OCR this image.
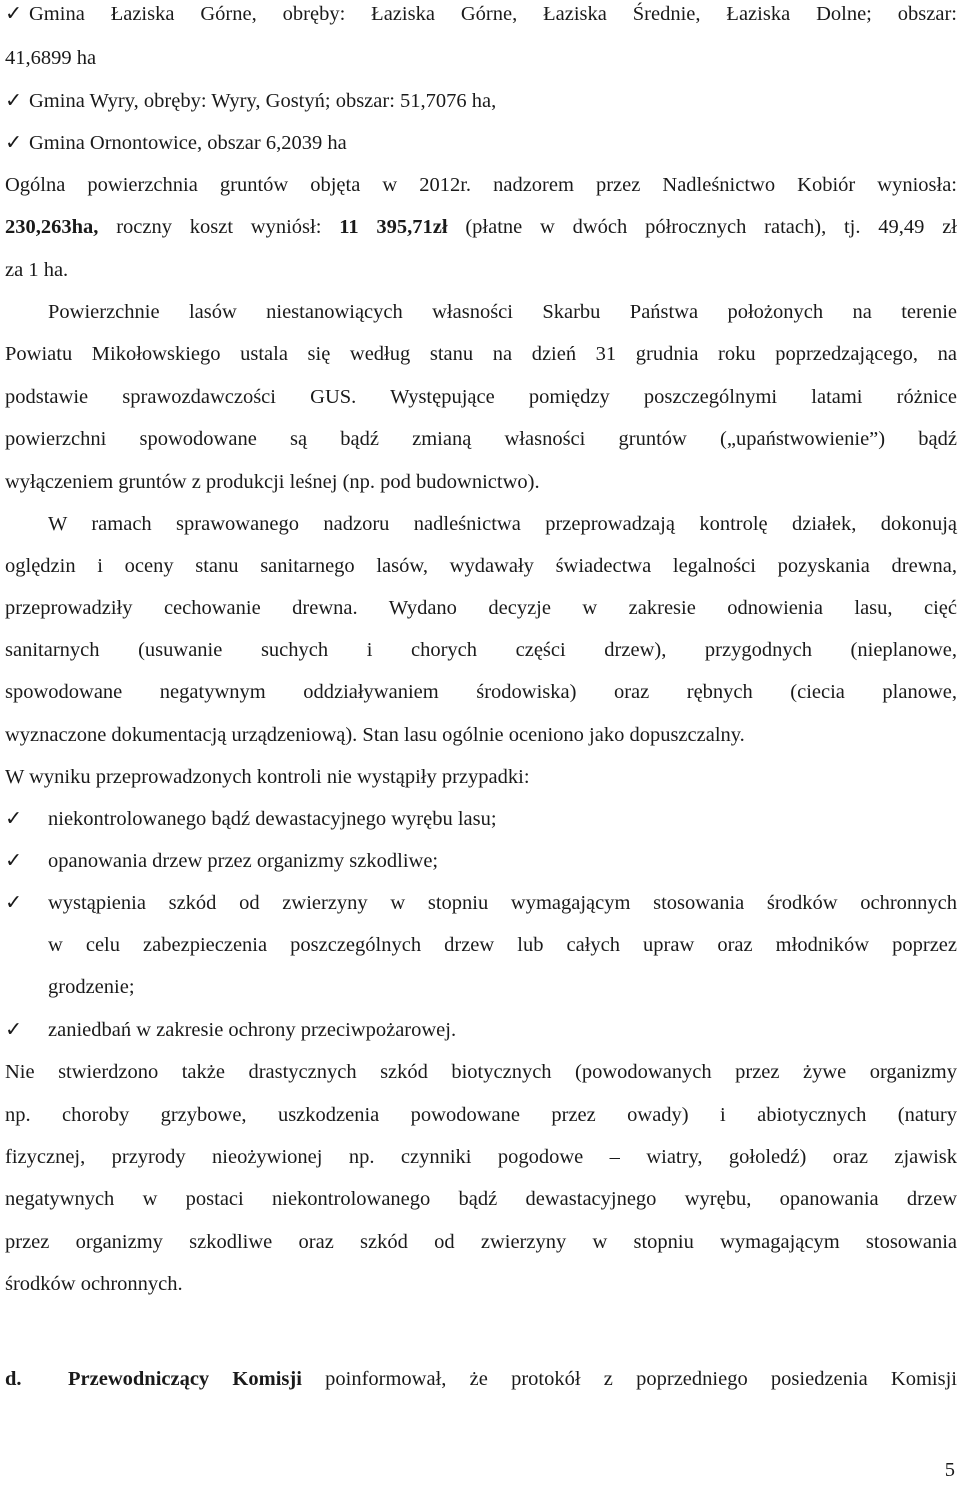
✓ Gmina Łaziska Górne, obręby: Łaziska Górne, Łaziska Średnie, Łaziska Dolne; obszar:
41,6899 ha
✓ Gmina Wyry, obręby: Wyry, Gostyń; obszar: 51,7076 ha,
✓ Gmina Ornontowice, obszar 6,2039 ha
Ogólna powierzchnia gruntów objęta w 2012r. nadzorem przez Nadleśnictwo Kobiór wyniosła:
230,263ha, roczny koszt wyniósł: 11 395,71zł (płatne w dwóch półrocznych ratach), tj. 49,49 zł
za 1 ha.
Powierzchnie lasów niestanowiących własności Skarbu Państwa położonych na terenie
Powiatu Mikołowskiego ustala się według stanu na dzień 31 grudnia roku poprzedzającego, na
podstawie sprawozdawczości GUS. Występujące pomiędzy poszczególnymi latami różnice
powierzchni spowodowane są bądź zmianą własności gruntów („upaństwowienie”) bądź
wyłączeniem gruntów z produkcji leśnej (np. pod budownictwo).
W ramach sprawowanego nadzoru nadleśnictwa przeprowadzają kontrolę działek, dokonują
oględzin i oceny stanu sanitarnego lasów, wydawały świadectwa legalności pozyskania drewna,
przeprowadziły cechowanie drewna. Wydano decyzje w zakresie odnowienia lasu, cięć
sanitarnych (usuwanie suchych i chorych części drzew), przygodnych (nieplanowe,
spowodowane negatywnym oddziaływaniem środowiska) oraz rębnych (ciecia planowe,
wyznaczone dokumentacją urządzeniową). Stan lasu ogólnie oceniono jako dopuszczalny.
W wyniku przeprowadzonych kontroli nie wystąpiły przypadki:
✓ niekontrolowanego bądź dewastacyjnego wyrębu lasu;
✓ opanowania drzew przez organizmy szkodliwe;
✓ wystąpienia szkód od zwierzyny w stopniu wymagającym stosowania środków ochronnych
w celu zabezpieczenia poszczególnych drzew lub całych upraw oraz młodników poprzez
grodzenie;
✓ zaniedbań w zakresie ochrony przeciwpożarowej.
Nie stwierdzono także drastycznych szkód biotycznych (powodowanych przez żywe organizmy
np. choroby grzybowe, uszkodzenia powodowane przez owady) i abiotycznych (natury
fizycznej, przyrody nieożywionej np. czynniki pogodowe – wiatry, gołoledź) oraz zjawisk
negatywnych w postaci niekontrolowanego bądź dewastacyjnego wyrębu, opanowania drzew
przez organizmy szkodliwe oraz szkód od zwierzyny w stopniu wymagającym stosowania
środków ochronnych.
d. Przewodniczący Komisji poinformował, że protokół z poprzedniego posiedzenia Komisji
5
